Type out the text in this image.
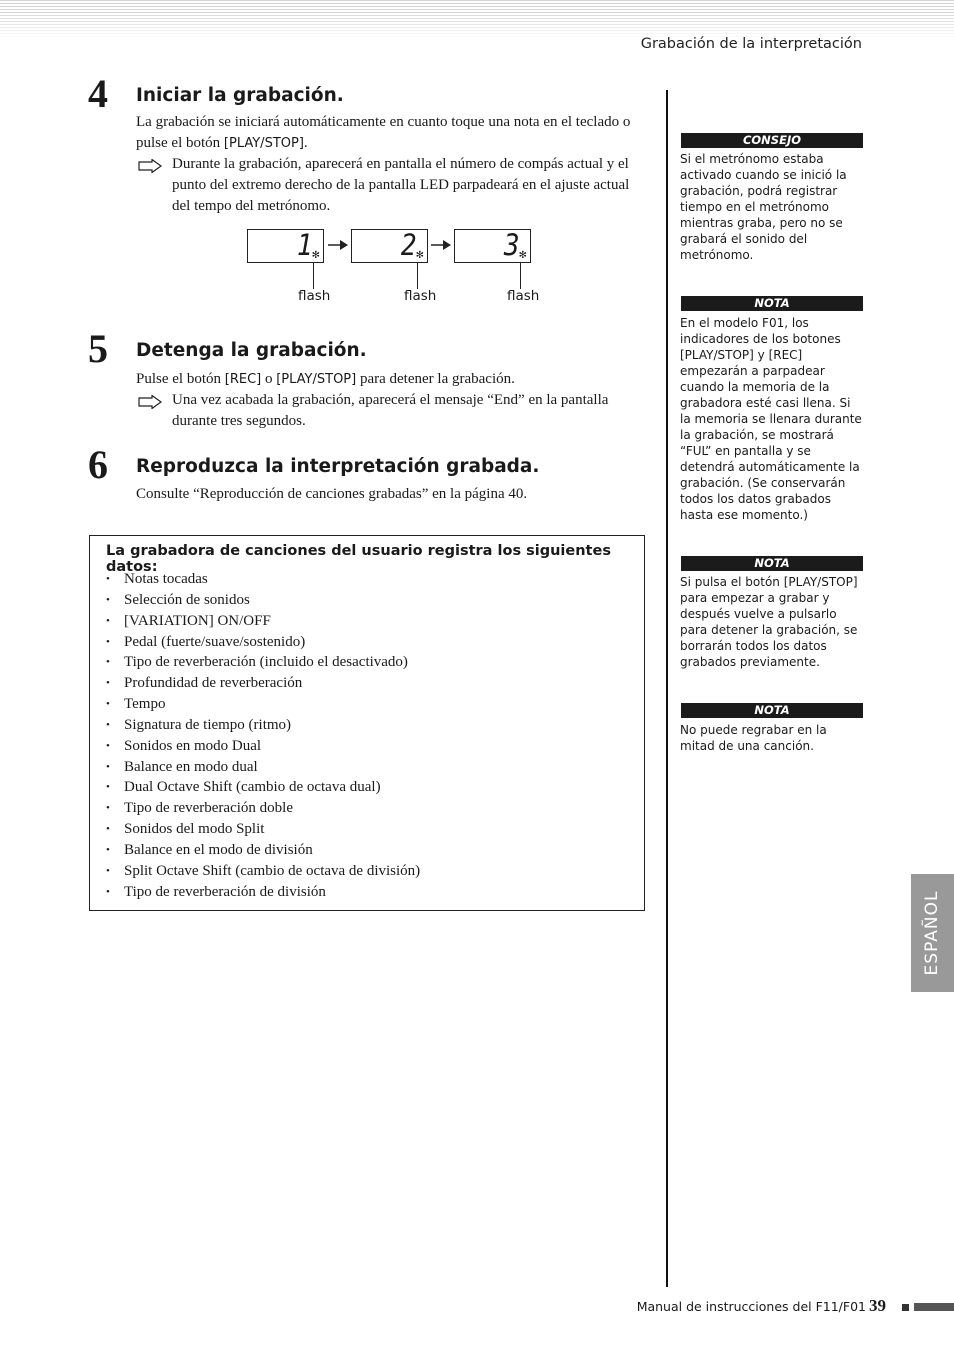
Grabación de la interpretación
4 Iniciar la grabación.
La grabación se iniciará automáticamente en cuanto toque una nota en el teclado o pulse el botón [PLAY/STOP].
Durante la grabación, aparecerá en pantalla el número de compás actual y el punto del extremo derecho de la pantalla LED parpadeará en el ajuste actual del tempo del metrónomo.
1 ✻	2 ✻	3 ✻
flash	flash	flash
5 Detenga la grabación.
Pulse el botón [REC] o [PLAY/STOP] para detener la grabación.
Una vez acabada la grabación, aparecerá el mensaje “End” en la pantalla durante tres segundos.
6 Reproduzca la interpretación grabada.
Consulte “Reproducción de canciones grabadas” en la página 40.
La grabadora de canciones del usuario registra los siguientes datos:
• Notas tocadas
• Selección de sonidos
• [VARIATION] ON/OFF
• Pedal (fuerte/suave/sostenido)
• Tipo de reverberación (incluido el desactivado)
• Profundidad de reverberación
• Tempo
• Signatura de tiempo (ritmo)
• Sonidos en modo Dual
• Balance en modo dual
• Dual Octave Shift (cambio de octava dual)
• Tipo de reverberación doble
• Sonidos del modo Split
• Balance en el modo de división
• Split Octave Shift (cambio de octava de división)
• Tipo de reverberación de división
CONSEJO
Si el metrónomo estaba activado cuando se inició la grabación, podrá registrar tiempo en el metrónomo mientras graba, pero no se grabará el sonido del metrónomo.
NOTA
En el modelo F01, los indicadores de los botones [PLAY/STOP] y [REC] empezarán a parpadear cuando la memoria de la grabadora esté casi llena. Si la memoria se llenara durante la grabación, se mostrará “FUL” en pantalla y se detendrá automáticamente la grabación. (Se conservarán todos los datos grabados hasta ese momento.)
NOTA
Si pulsa el botón [PLAY/STOP] para empezar a grabar y después vuelve a pulsarlo para detener la grabación, se borrarán todos los datos grabados previamente.
NOTA
No puede regrabar en la mitad de una canción.
ESPAÑOL
Manual de instrucciones del F11/F01 39
